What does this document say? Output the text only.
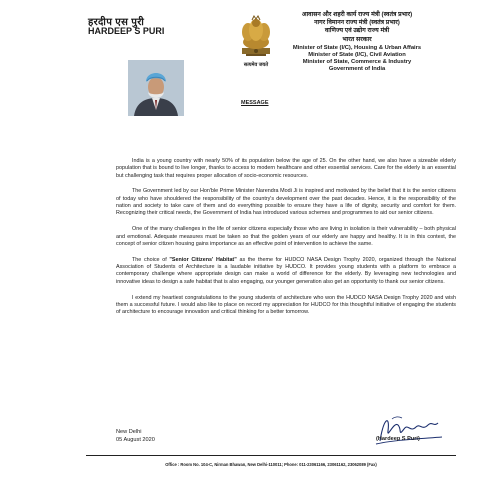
हरदीप एस पुरी
HARDEEP S PURI
सत्यमेव जयते
MESSAGE
आवासन और शहरी कार्य राज्य मंत्री (स्वतंत्र प्रभार)
नागर विमानन राज्य मंत्री (स्वतंत्र प्रभार)
वाणिज्य एवं उद्योग राज्य मंत्री
भारत सरकार
Minister of State (I/C), Housing & Urban Affairs
Minister of State (I/C), Civil Aviation
Minister of State, Commerce & Industry
Government of India

India is a young country with nearly 50% of its population below the age of 25. On the other hand, we also have a sizeable elderly population that is bound to live longer, thanks to access to modern healthcare and other essential services. Care for the elderly is an essential but challenging task that requires proper allocation of socio-economic resources.

The Government led by our Hon'ble Prime Minister Narendra Modi Ji is inspired and motivated by the belief that it is the senior citizens of today who have shouldered the responsibility of the country's development over the past decades. Hence, it is the responsibility of the nation and society to take care of them and do everything possible to ensure they have a life of dignity, security and comfort for them. Recognizing their critical needs, the Government of India has introduced various schemes and programmes to aid our senior citizens.

One of the many challenges in the life of senior citizens especially those who are living in isolation is their vulnerability – both physical and emotional. Adequate measures must be taken so that the golden years of our elderly are happy and healthy. It is in this context, the concept of senior citizen housing gains importance as an effective point of intervention to achieve the same.

The choice of "Senior Citizens' Habitat" as the theme for HUDCO NASA Design Trophy 2020, organized through the National Association of Students of Architecture is a laudable initiative by HUDCO. It provides young students with a platform to embrace a contemporary challenge where appropriate design can make a world of difference for the elderly. By leveraging new technologies and innovative ideas to design a safe habitat that is also engaging, our younger generation also get an opportunity to thank our senior citizens.

I extend my heartiest congratulations to the young students of architecture who won the HUDCO NASA Design Trophy 2020 and wish them a successful future. I would also like to place on record my appreciation for HUDCO for this thoughtful initiative of engaging the students of architecture to encourage innovation and critical thinking for a better tomorrow.

New Delhi
05 August 2020	(Hardeep S Puri)
Office : Room No. 104-C, Nirman Bhawan, New Delhi-110011; Phone: 011-23061166, 23061162, 23062089 (Fax)
